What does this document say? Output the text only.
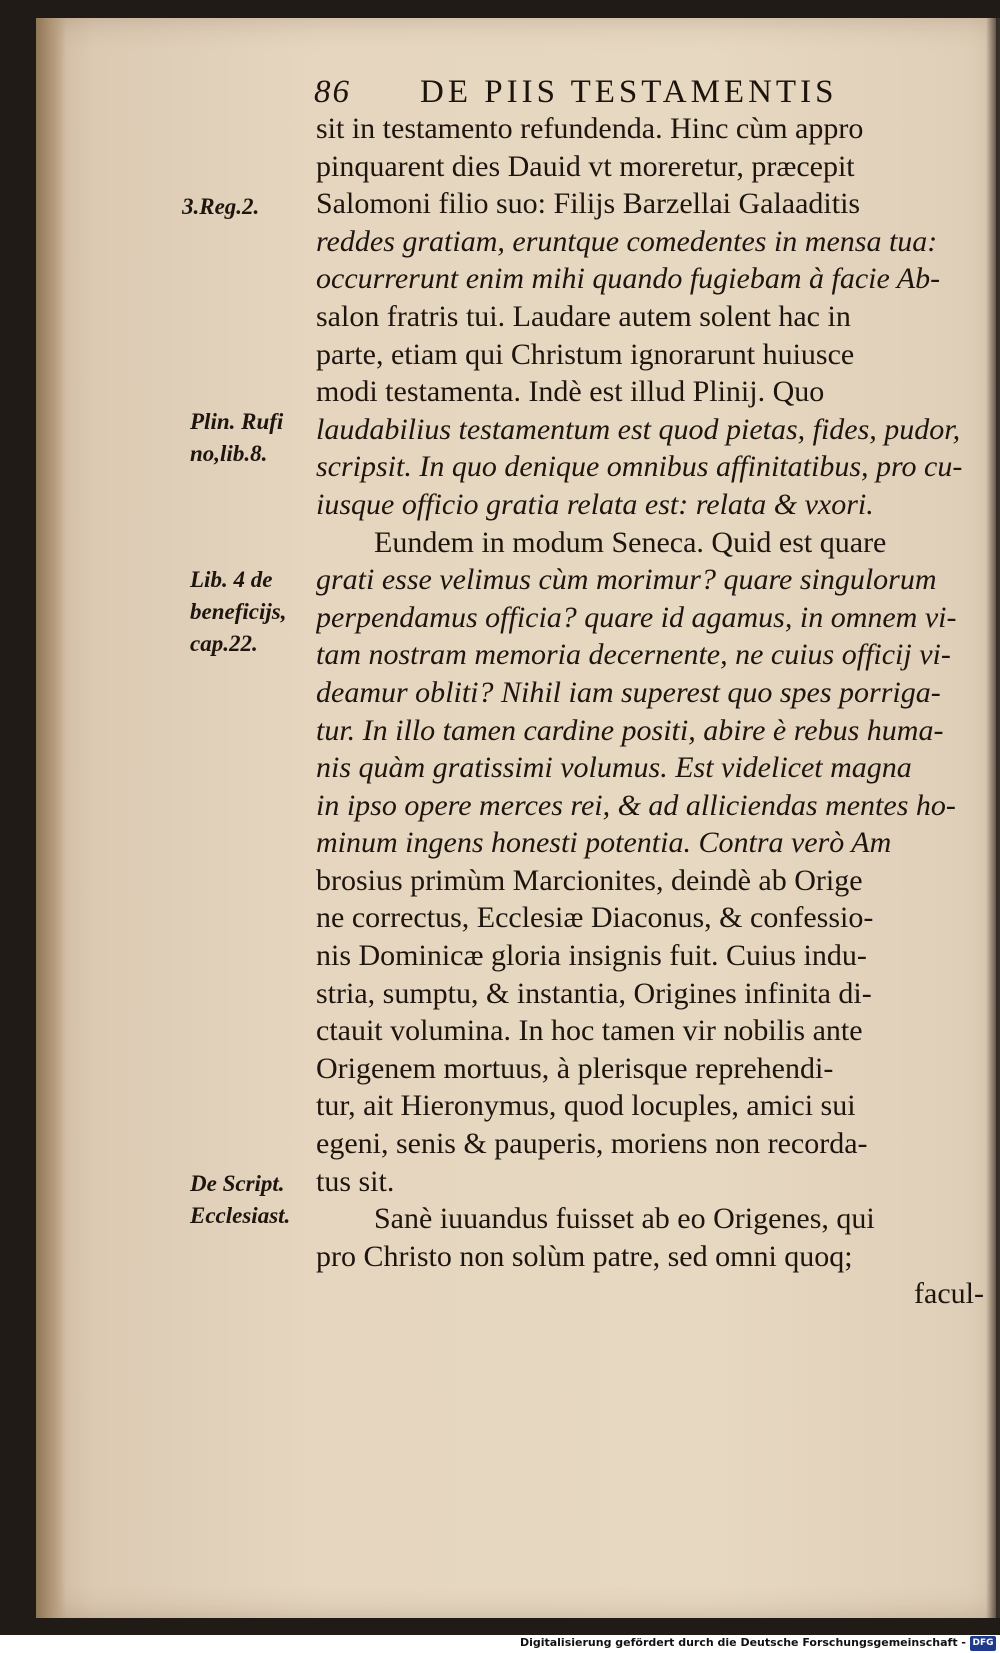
86 DE PIIS TESTAMENTIS
3.Reg.2.
Plin. Rufi
no,lib.8.
Lib. 4 de
beneficijs,
cap.22.
De Script.
Ecclesiast.
sit in testamento refundenda. Hinc cùm appro
pinquarent dies Dauid vt moreretur, præcepit
Salomoni filio suo: Filijs Barzellai Galaaditis
reddes gratiam, eruntque comedentes in mensa tua:
occurrerunt enim mihi quando fugiebam à facie Ab-
salon fratris tui. Laudare autem solent hac in
parte, etiam qui Christum ignorarunt huiusce
modi testamenta. Indè est illud Plinij. Quo
laudabilius testamentum est quod pietas, fides, pudor,
scripsit. In quo denique omnibus affinitatibus, pro cu-
iusque officio gratia relata est: relata & vxori.
Eundem in modum Seneca. Quid est quare
grati esse velimus cùm morimur? quare singulorum
perpendamus officia? quare id agamus, in omnem vi-
tam nostram memoria decernente, ne cuius officij vi-
deamur obliti? Nihil iam superest quo spes porriga-
tur. In illo tamen cardine positi, abire è rebus huma-
nis quàm gratissimi volumus. Est videlicet magna
in ipso opere merces rei, & ad alliciendas mentes ho-
minum ingens honesti potentia. Contra verò Am
brosius primùm Marcionites, deindè ab Orige
ne correctus, Ecclesiæ Diaconus, & confessio-
nis Dominicæ gloria insignis fuit. Cuius indu-
stria, sumptu, & instantia, Origines infinita di-
ctauit volumina. In hoc tamen vir nobilis ante
Origenem mortuus, à plerisque reprehendi-
tur, ait Hieronymus, quod locuples, amici sui
egeni, senis & pauperis, moriens non recorda-
tus sit.
Sanè iuuandus fuisset ab eo Origenes, qui
pro Christo non solùm patre, sed omni quoq;
facul-
Digitalisierung gefördert durch die Deutsche Forschungsgemeinschaft - DFG
